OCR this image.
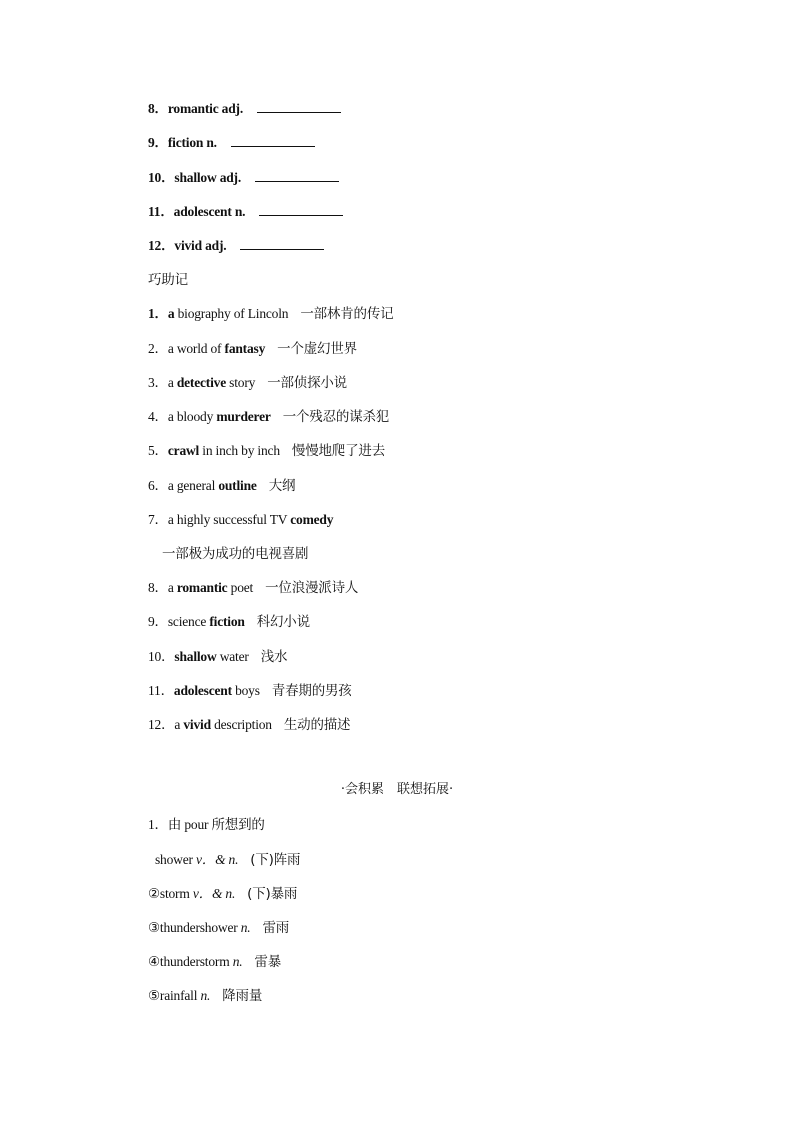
8．romantic adj.
9．fiction n.
10．shallow adj.
11．adolescent n.
12．vivid adj.
巧助记
1．a biography of Lincoln 一部林肯的传记
2．a world of fantasy 一个虚幻世界
3．a detective story 一部侦探小说
4．a bloody murderer 一个残忍的谋杀犯
5．crawl in inch by inch 慢慢地爬了进去
6．a general outline 大纲
7．a highly successful TV comedy
一部极为成功的电视喜剧
8．a romantic poet 一位浪漫派诗人
9．science fiction 科幻小说
10．shallow water 浅水
11．adolescent boys 青春期的男孩
12．a vivid description 生动的描述
·会积累　联想拓展·
1．由 pour 所想到的
shower v．& n. (下)阵雨
②storm v．& n. (下)暴雨
③thundershower n. 雷雨
④thunderstorm n. 雷暴
⑤rainfall n. 降雨量
